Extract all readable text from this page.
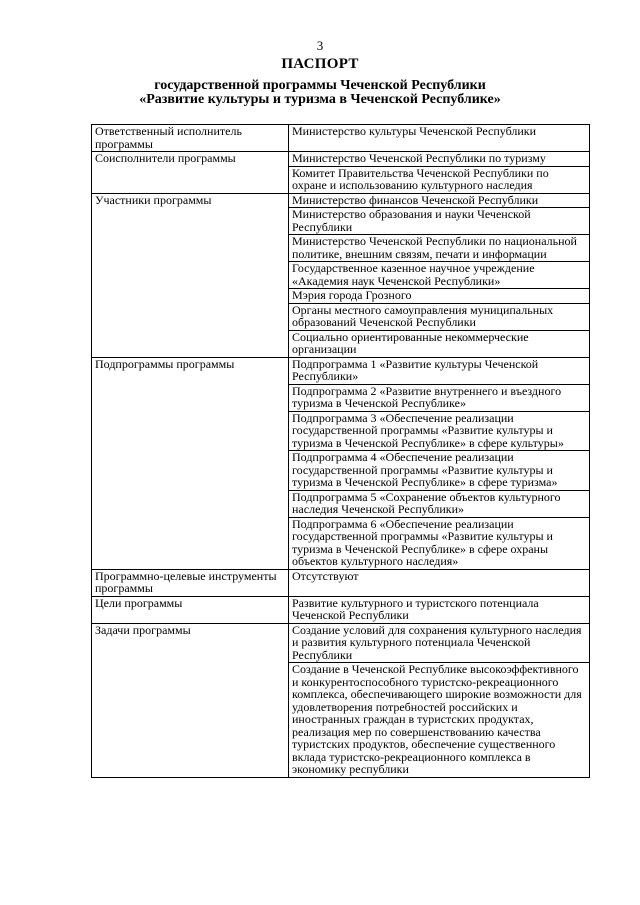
3
ПАСПОРТ
государственной программы Чеченской Республики
«Развитие культуры и туризма в Чеченской Республике»
Ответственный исполнитель программы	Министерство культуры Чеченской Республики
Соисполнители программы	Министерство Чеченской Республики по туризму
	Комитет Правительства Чеченской Республики по охране и использованию культурного наследия
Участники программы	Министерство финансов Чеченской Республики
	Министерство образования и науки Чеченской Республики
	Министерство Чеченской Республики по национальной политике, внешним связям, печати и информации
	Государственное казенное научное учреждение «Академия наук Чеченской Республики»
	Мэрия города Грозного
	Органы местного самоуправления муниципальных образований Чеченской Республики
	Социально ориентированные некоммерческие организации
Подпрограммы программы	Подпрограмма 1 «Развитие культуры Чеченской Республики»
	Подпрограмма 2 «Развитие внутреннего и въездного туризма в Чеченской Республике»
	Подпрограмма 3 «Обеспечение реализации государственной программы «Развитие культуры и туризма в Чеченской Республике» в сфере культуры»
	Подпрограмма 4 «Обеспечение реализации государственной программы «Развитие культуры и туризма в Чеченской Республике» в сфере туризма»
	Подпрограмма 5 «Сохранение объектов культурного наследия Чеченской Республики»
	Подпрограмма 6 «Обеспечение реализации государственной программы «Развитие культуры и туризма в Чеченской Республике» в сфере охраны объектов культурного наследия»
Программно-целевые инструменты программы	Отсутствуют
Цели программы	Развитие культурного и туристского потенциала Чеченской Республики
Задачи программы	Создание условий для сохранения культурного наследия и развития культурного потенциала Чеченской Республики
	Создание в Чеченской Республике высокоэффективного и конкурентоспособного туристско-рекреационного комплекса, обеспечивающего широкие возможности для удовлетворения потребностей российских и иностранных граждан в туристских продуктах, реализация мер по совершенствованию качества туристских продуктов, обеспечение существенного вклада туристско-рекреационного комплекса в экономику республики
